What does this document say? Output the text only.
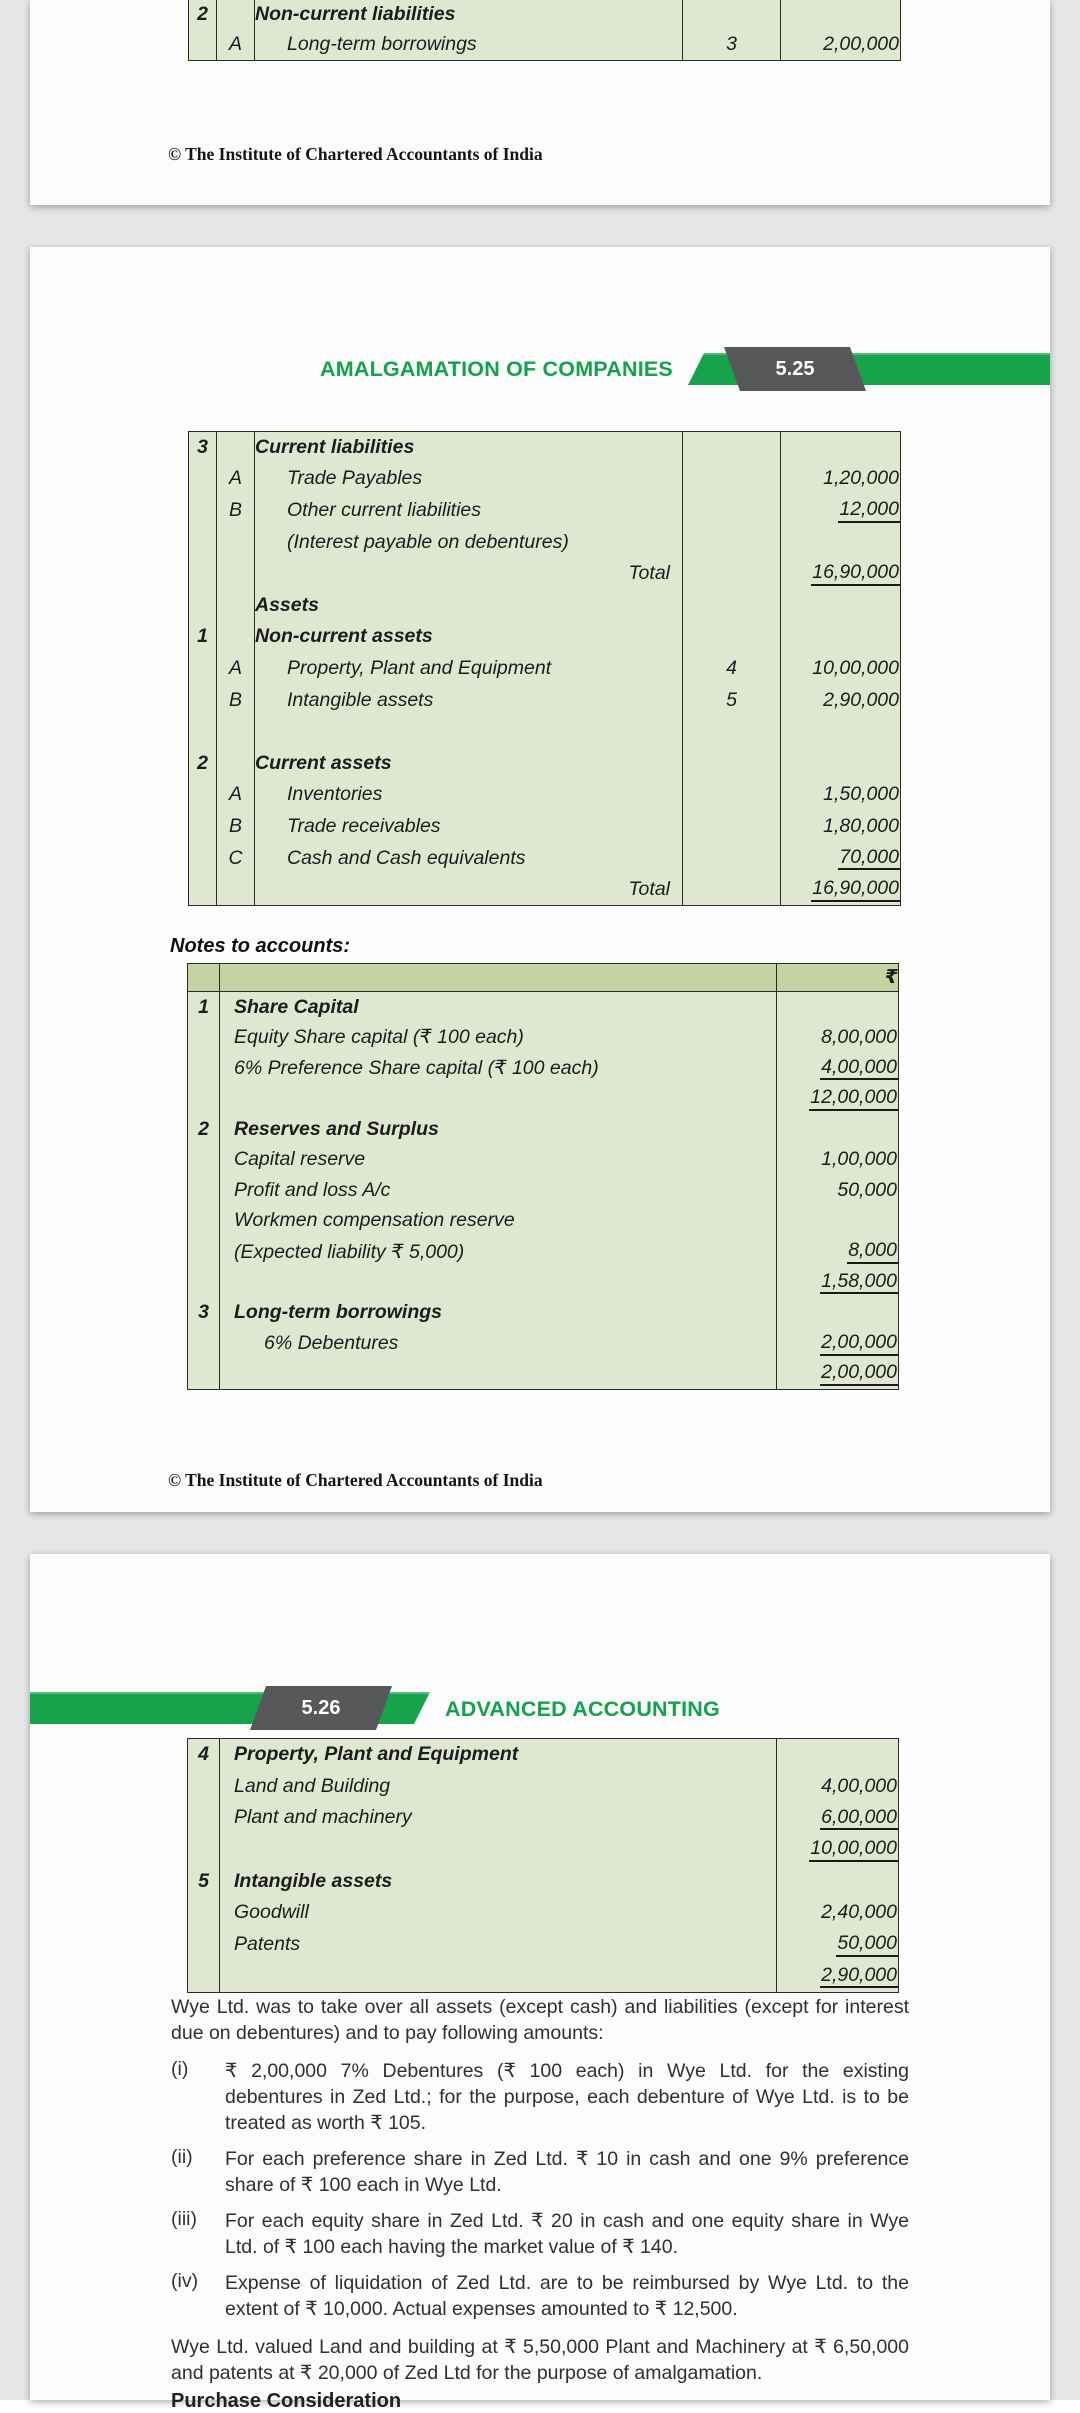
2		Non-current liabilities		
	A	Long-term borrowings	3	2,00,000
© The Institute of Chartered Accountants of India
AMALGAMATION OF COMPANIES	5.25
3		Current liabilities		
	A	Trade Payables		1,20,000
	B	Other current liabilities		12,000
		(Interest payable on debentures)		
		Total		16,90,000
		Assets		
1		Non-current assets		
	A	Property, Plant and Equipment	4	10,00,000
	B	Intangible assets	5	2,90,000

2		Current assets		
	A	Inventories		1,50,000
	B	Trade receivables		1,80,000
	C	Cash and Cash equivalents		70,000
		Total		16,90,000
Notes to accounts:
		₹
1	Share Capital	
	Equity Share capital (₹ 100 each)	8,00,000
	6% Preference Share capital (₹ 100 each)	4,00,000
		12,00,000
2	Reserves and Surplus	
	Capital reserve	1,00,000
	Profit and loss A/c	50,000
	Workmen compensation reserve	
	(Expected liability ₹ 5,000)	8,000
		1,58,000
3	Long-term borrowings	
	6% Debentures	2,00,000
		2,00,000
© The Institute of Chartered Accountants of India
5.26	ADVANCED ACCOUNTING
4	Property, Plant and Equipment	
	Land and Building	4,00,000
	Plant and machinery	6,00,000
		10,00,000
5	Intangible assets	
	Goodwill	2,40,000
	Patents	50,000
		2,90,000
Wye Ltd. was to take over all assets (except cash) and liabilities (except for interest due on debentures) and to pay following amounts:
(i) ₹ 2,00,000 7% Debentures (₹ 100 each) in Wye Ltd. for the existing debentures in Zed Ltd.; for the purpose, each debenture of Wye Ltd. is to be treated as worth ₹ 105.
(ii) For each preference share in Zed Ltd. ₹ 10 in cash and one 9% preference share of ₹ 100 each in Wye Ltd.
(iii) For each equity share in Zed Ltd. ₹ 20 in cash and one equity share in Wye Ltd. of ₹ 100 each having the market value of ₹ 140.
(iv) Expense of liquidation of Zed Ltd. are to be reimbursed by Wye Ltd. to the extent of ₹ 10,000. Actual expenses amounted to ₹ 12,500.
Wye Ltd. valued Land and building at ₹ 5,50,000 Plant and Machinery at ₹ 6,50,000 and patents at ₹ 20,000 of Zed Ltd for the purpose of amalgamation.
Purchase Consideration
